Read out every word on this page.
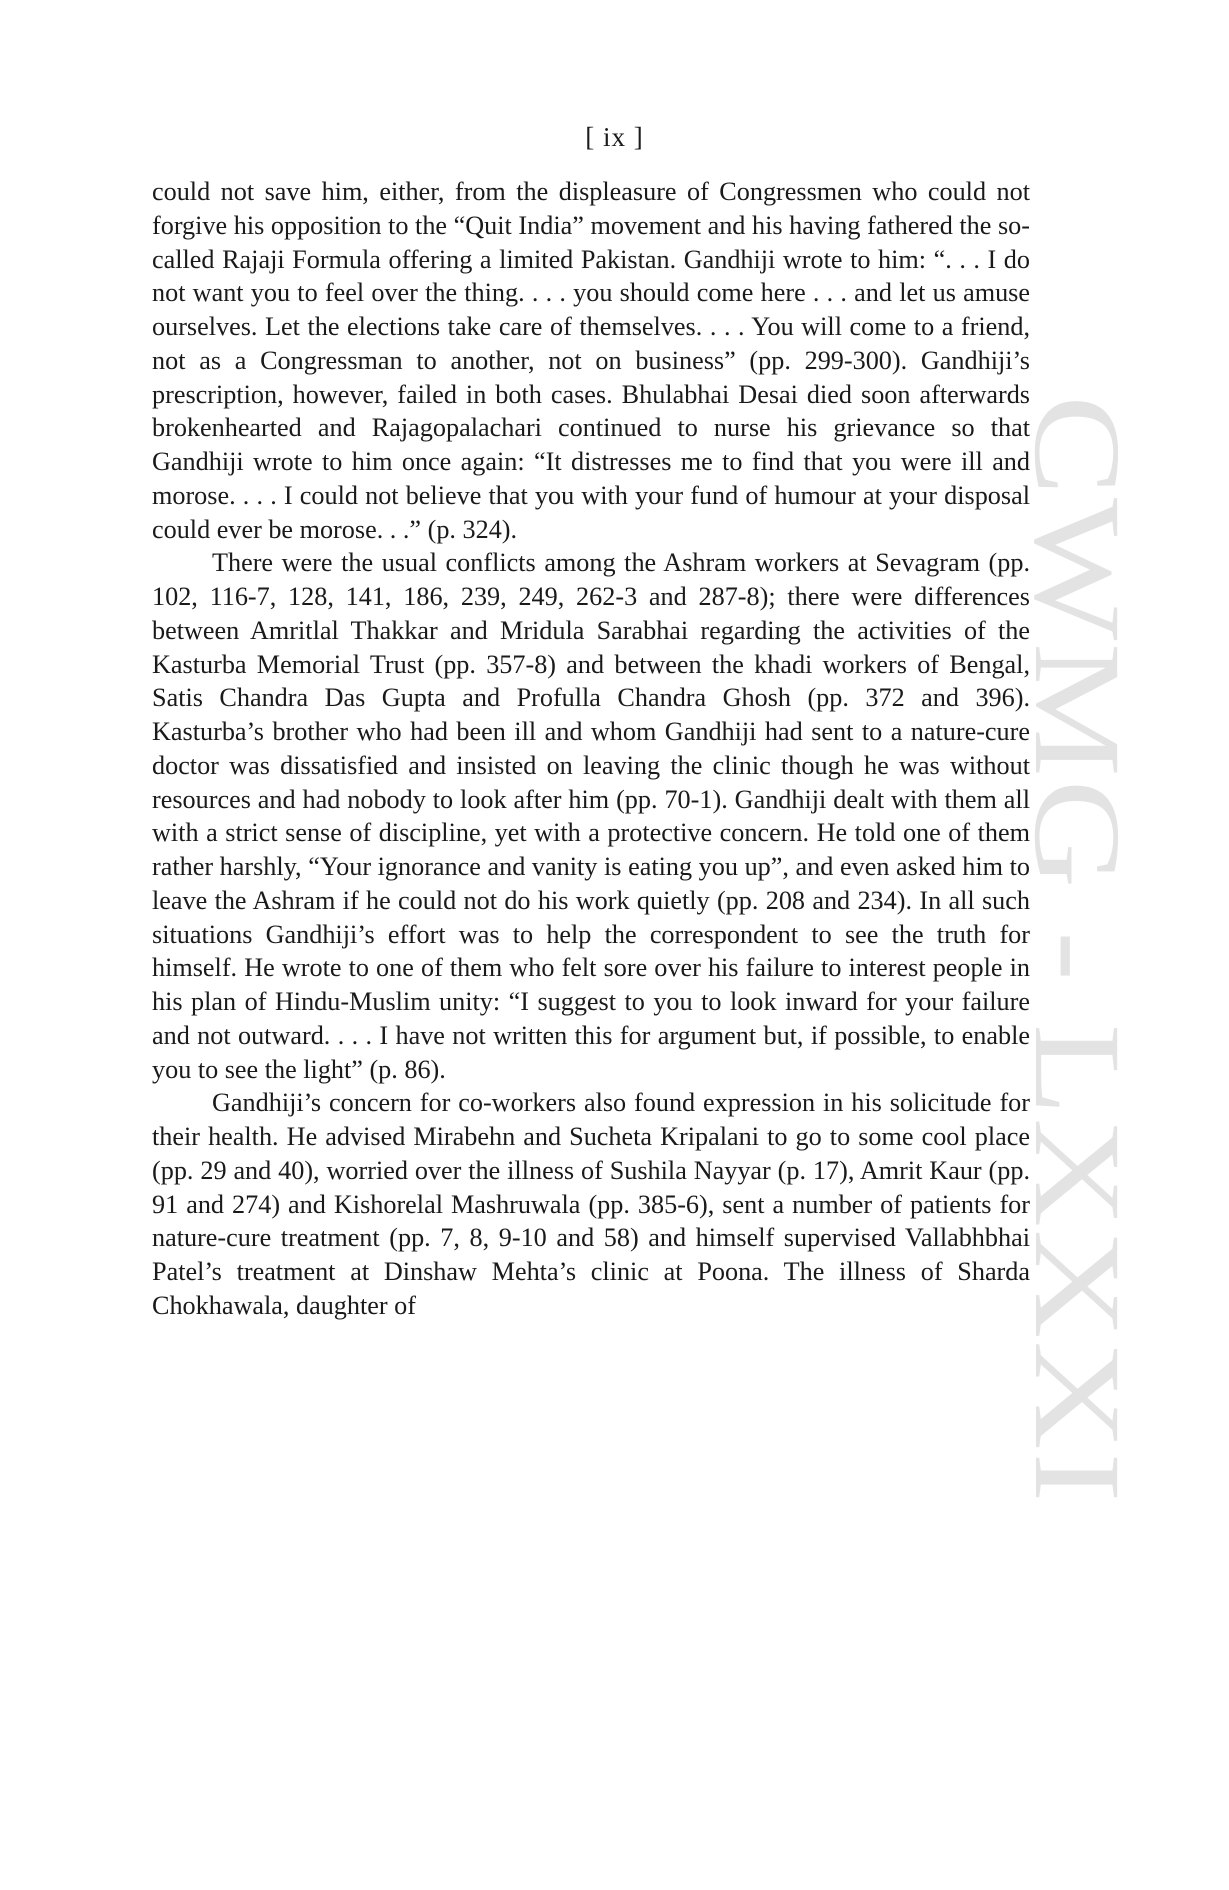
CWMG - LXXXI
[ ix ]

could not save him, either, from the displeasure of Congressmen who could not forgive his opposition to the “Quit India” movement and his having fathered the so-called Rajaji Formula offering a limited Pakistan. Gandhiji wrote to him: “. . . I do not want you to feel over the thing. . . . you should come here . . . and let us amuse ourselves. Let the elections take care of themselves. . . . You will come to a friend, not as a Congressman to another, not on business” (pp. 299-300). Gandhiji’s prescription, however, failed in both cases. Bhulabhai Desai died soon afterwards brokenhearted and Rajagopalachari continued to nurse his grievance so that Gandhiji wrote to him once again: “It distresses me to find that you were ill and morose. . . . I could not believe that you with your fund of humour at your disposal could ever be morose. . .” (p. 324).

There were the usual conflicts among the Ashram workers at Sevagram (pp. 102, 116-7, 128, 141, 186, 239, 249, 262-3 and 287-8); there were differences between Amritlal Thakkar and Mridula Sarabhai regarding the activities of the Kasturba Memorial Trust (pp. 357-8) and between the khadi workers of Bengal, Satis Chandra Das Gupta and Profulla Chandra Ghosh (pp. 372 and 396). Kasturba’s brother who had been ill and whom Gandhiji had sent to a nature-cure doctor was dissatisfied and insisted on leaving the clinic though he was without resources and had nobody to look after him (pp. 70-1). Gandhiji dealt with them all with a strict sense of discipline, yet with a protective concern. He told one of them rather harshly, “Your ignorance and vanity is eating you up”, and even asked him to leave the Ashram if he could not do his work quietly (pp. 208 and 234). In all such situations Gandhiji’s effort was to help the correspondent to see the truth for himself. He wrote to one of them who felt sore over his failure to interest people in his plan of Hindu-Muslim unity: “I suggest to you to look inward for your failure and not outward. . . . I have not written this for argument but, if possible, to enable you to see the light” (p. 86).

Gandhiji’s concern for co-workers also found expression in his solicitude for their health. He advised Mirabehn and Sucheta Kripalani to go to some cool place (pp. 29 and 40), worried over the illness of Sushila Nayyar (p. 17), Amrit Kaur (pp. 91 and 274) and Kishorelal Mashruwala (pp. 385-6), sent a number of patients for nature-cure treatment (pp. 7, 8, 9-10 and 58) and himself supervised Vallabhbhai Patel’s treatment at Dinshaw Mehta’s clinic at Poona. The illness of Sharda Chokhawala, daughter of
